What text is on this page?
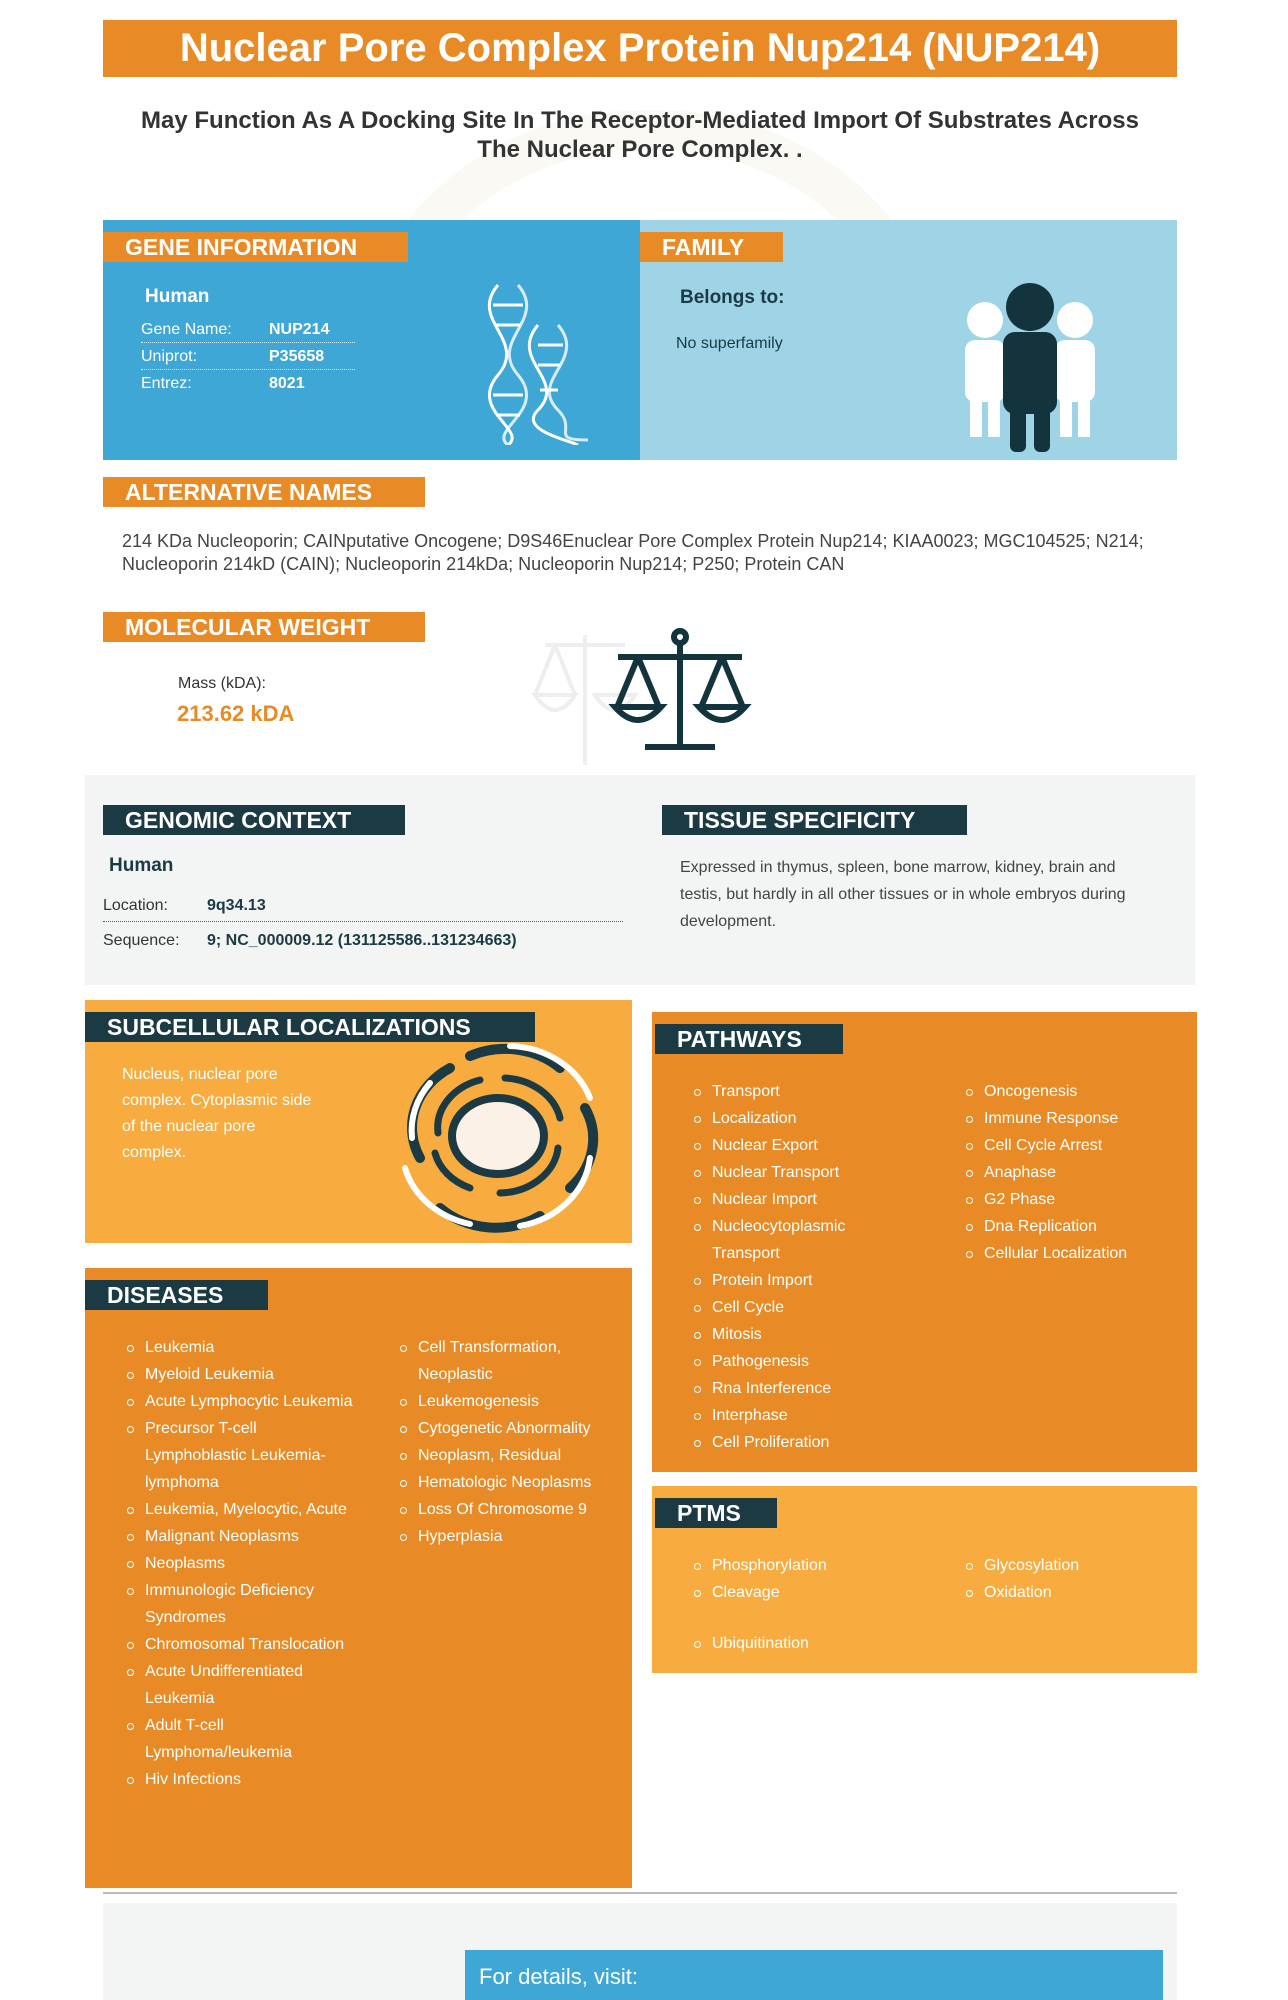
Nuclear Pore Complex Protein Nup214 (NUP214)
May Function As A Docking Site In The Receptor-Mediated Import Of Substrates Across The Nuclear Pore Complex. .
GENE INFORMATION
Human
Gene Name: NUP214
Uniprot:	P35658
Entrez:	8021
FAMILY
Belongs to:
No superfamily
ALTERNATIVE NAMES
214 KDa Nucleoporin; CAINputative Oncogene; D9S46Enuclear Pore Complex Protein Nup214; KIAA0023; MGC104525; N214; Nucleoporin 214kD (CAIN); Nucleoporin 214kDa; Nucleoporin Nup214; P250; Protein CAN
MOLECULAR WEIGHT
Mass (kDA):
213.62 kDA
GENOMIC CONTEXT
Human
Location: 9q34.13
Sequence: 9; NC_000009.12 (131125586..131234663)
TISSUE SPECIFICITY
Expressed in thymus, spleen, bone marrow, kidney, brain and testis, but hardly in all other tissues or in whole embryos during development.
SUBCELLULAR LOCALIZATIONS
Nucleus, nuclear pore complex. Cytoplasmic side of the nuclear pore complex.
DISEASES
Leukemia
Myeloid Leukemia
Acute Lymphocytic Leukemia
Precursor T-cell Lymphoblastic Leukemia-lymphoma
Leukemia, Myelocytic, Acute
Malignant Neoplasms
Neoplasms
Immunologic Deficiency Syndromes
Chromosomal Translocation
Acute Undifferentiated Leukemia
Adult T-cell Lymphoma/leukemia
Hiv Infections
Cell Transformation, Neoplastic
Leukemogenesis
Cytogenetic Abnormality
Neoplasm, Residual
Hematologic Neoplasms
Loss Of Chromosome 9
Hyperplasia
PATHWAYS
Transport
Localization
Nuclear Export
Nuclear Transport
Nuclear Import
Nucleocytoplasmic Transport
Protein Import
Cell Cycle
Mitosis
Pathogenesis
Rna Interference
Interphase
Cell Proliferation
Oncogenesis
Immune Response
Cell Cycle Arrest
Anaphase
G2 Phase
Dna Replication
Cellular Localization
PTMS
Phosphorylation
Cleavage
Glycosylation
Oxidation
Ubiquitination
For details, visit:
